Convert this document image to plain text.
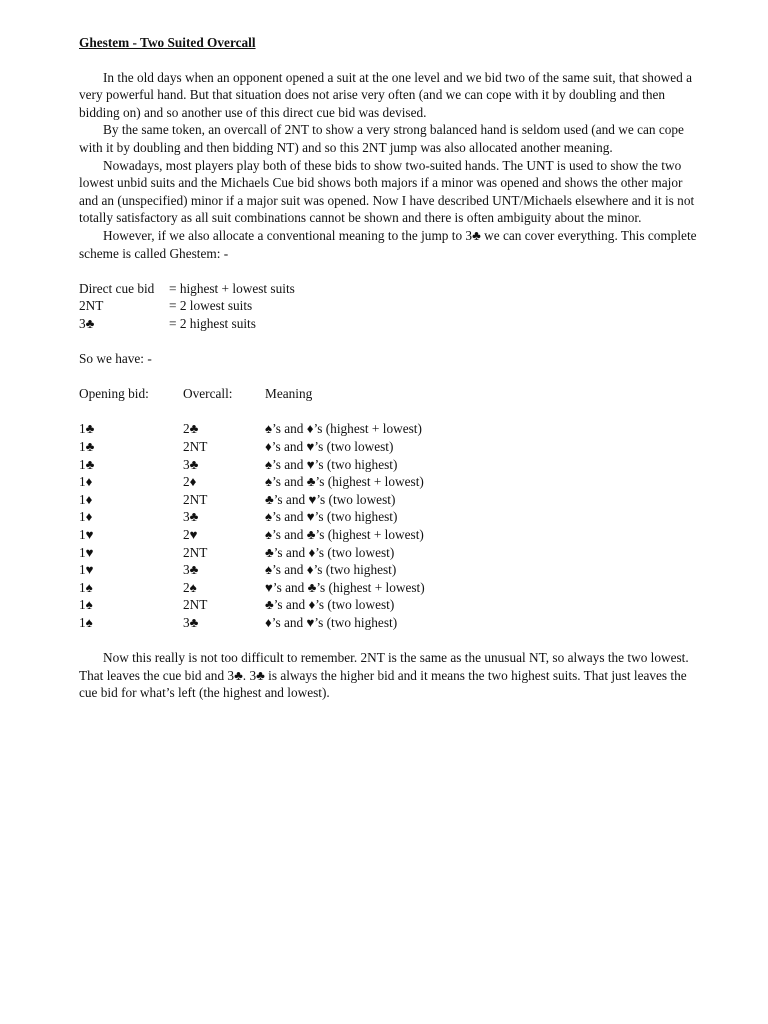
Ghestem - Two Suited Overcall

In the old days when an opponent opened a suit at the one level and we bid two of the same suit, that showed a very powerful hand. But that situation does not arise very often (and we can cope with it by doubling and then bidding on) and so another use of this direct cue bid was devised.

By the same token, an overcall of 2NT to show a very strong balanced hand is seldom used (and we can cope with it by doubling and then bidding NT) and so this 2NT jump was also allocated another meaning.

Nowadays, most players play both of these bids to show two-suited hands. The UNT is used to show the two lowest unbid suits and the Michaels Cue bid shows both majors if a minor was opened and shows the other major and an (unspecified) minor if a major suit was opened. Now I have described UNT/Michaels elsewhere and it is not totally satisfactory as all suit combinations cannot be shown and there is often ambiguity about the minor.

However, if we also allocate a conventional meaning to the jump to 3♣ we can cover everything. This complete scheme is called Ghestem: -

Direct cue bid	= highest + lowest suits
2NT	= 2 lowest suits
3♣	= 2 highest suits
So we have: -
Opening bid:	Overcall:	Meaning
1♣	2♣	♠’s and ♦’s (highest + lowest)
1♣	2NT	♦’s and ♥’s (two lowest)
1♣	3♣	♠’s and ♥’s (two highest)
1♦	2♦	♠’s and ♣’s (highest + lowest)
1♦	2NT	♣’s and ♥’s (two lowest)
1♦	3♣	♠’s and ♥’s (two highest)
1♥	2♥	♠’s and ♣’s (highest + lowest)
1♥	2NT	♣’s and ♦’s (two lowest)
1♥	3♣	♠’s and ♦’s (two highest)
1♠	2♠	♥’s and ♣’s (highest + lowest)
1♠	2NT	♣’s and ♦’s (two lowest)
1♠	3♣	♦’s and ♥’s (two highest)

Now this really is not too difficult to remember. 2NT is the same as the unusual NT, so always the two lowest. That leaves the cue bid and 3♣. 3♣ is always the higher bid and it means the two highest suits. That just leaves the cue bid for what’s left (the highest and lowest).
